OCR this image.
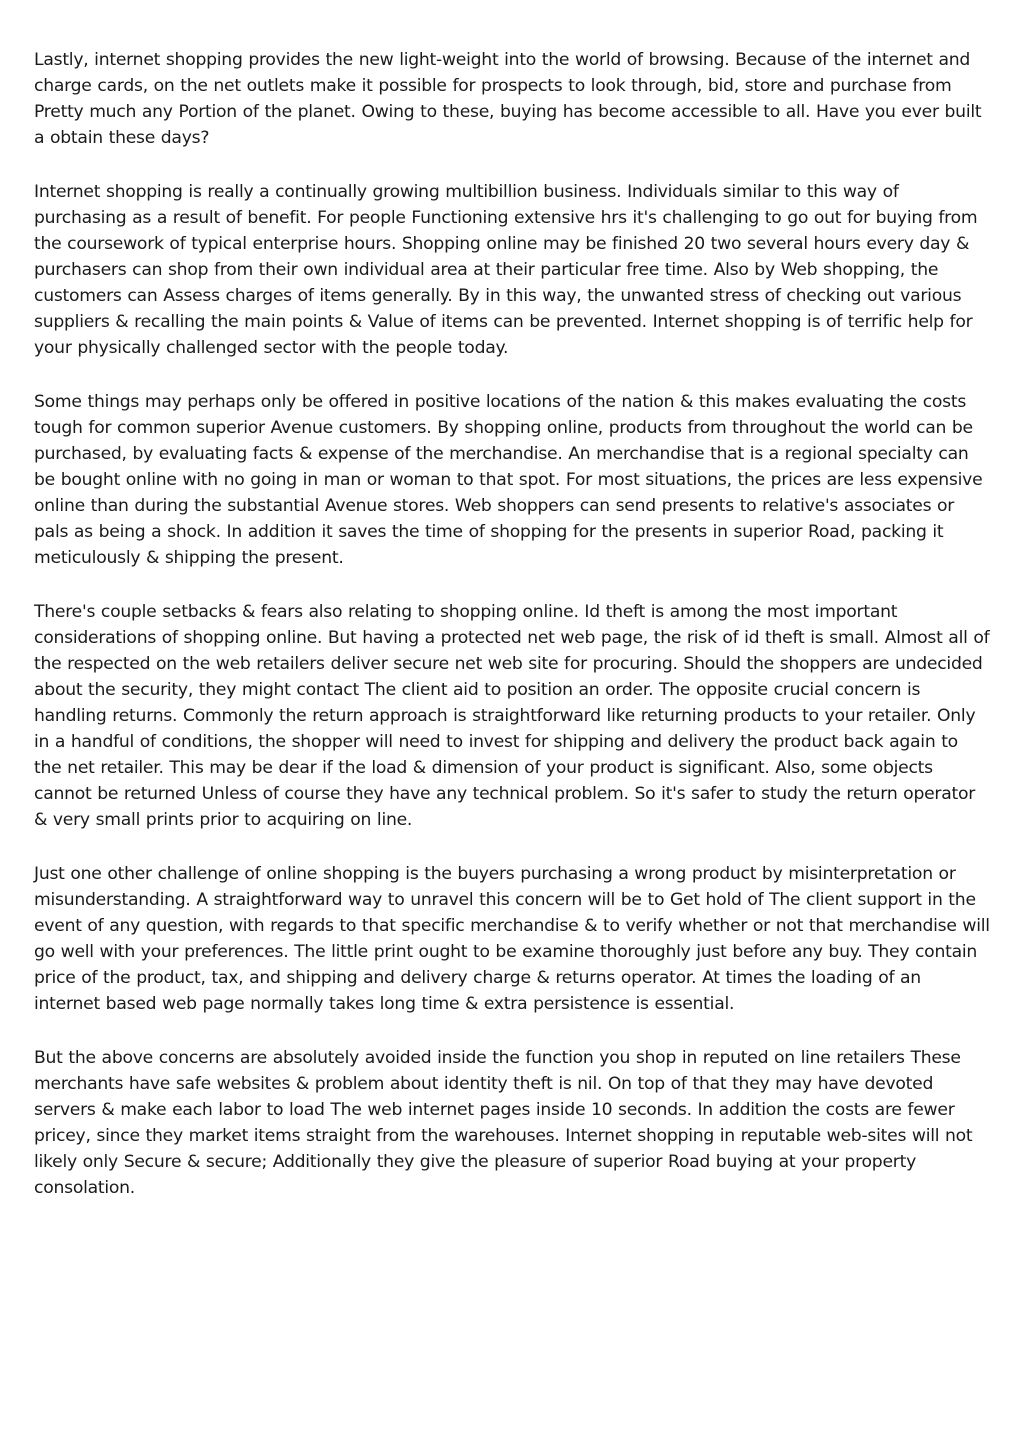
Lastly, internet shopping provides the new light-weight into the world of browsing. Because of the internet and charge cards, on the net outlets make it possible for prospects to look through, bid, store and purchase from Pretty much any Portion of the planet. Owing to these, buying has become accessible to all. Have you ever built a obtain these days?

Internet shopping is really a continually growing multibillion business. Individuals similar to this way of purchasing as a result of benefit. For people Functioning extensive hrs it's challenging to go out for buying from the coursework of typical enterprise hours. Shopping online may be finished 20 two several hours every day & purchasers can shop from their own individual area at their particular free time. Also by Web shopping, the customers can Assess charges of items generally. By in this way, the unwanted stress of checking out various suppliers & recalling the main points & Value of items can be prevented. Internet shopping is of terrific help for your physically challenged sector with the people today.

Some things may perhaps only be offered in positive locations of the nation & this makes evaluating the costs tough for common superior Avenue customers. By shopping online, products from throughout the world can be purchased, by evaluating facts & expense of the merchandise. An merchandise that is a regional specialty can be bought online with no going in man or woman to that spot. For most situations, the prices are less expensive online than during the substantial Avenue stores. Web shoppers can send presents to relative's associates or pals as being a shock. In addition it saves the time of shopping for the presents in superior Road, packing it meticulously & shipping the present.

There's couple setbacks & fears also relating to shopping online. Id theft is among the most important considerations of shopping online. But having a protected net web page, the risk of id theft is small. Almost all of the respected on the web retailers deliver secure net web site for procuring. Should the shoppers are undecided about the security, they might contact The client aid to position an order. The opposite crucial concern is handling returns. Commonly the return approach is straightforward like returning products to your retailer. Only in a handful of conditions, the shopper will need to invest for shipping and delivery the product back again to the net retailer. This may be dear if the load & dimension of your product is significant. Also, some objects cannot be returned Unless of course they have any technical problem. So it's safer to study the return operator & very small prints prior to acquiring on line.

Just one other challenge of online shopping is the buyers purchasing a wrong product by misinterpretation or misunderstanding. A straightforward way to unravel this concern will be to Get hold of The client support in the event of any question, with regards to that specific merchandise & to verify whether or not that merchandise will go well with your preferences. The little print ought to be examine thoroughly just before any buy. They contain price of the product, tax, and shipping and delivery charge & returns operator. At times the loading of an internet based web page normally takes long time & extra persistence is essential.

But the above concerns are absolutely avoided inside the function you shop in reputed on line retailers These merchants have safe websites & problem about identity theft is nil. On top of that they may have devoted servers & make each labor to load The web internet pages inside 10 seconds. In addition the costs are fewer pricey, since they market items straight from the warehouses. Internet shopping in reputable web-sites will not likely only Secure & secure; Additionally they give the pleasure of superior Road buying at your property consolation.
